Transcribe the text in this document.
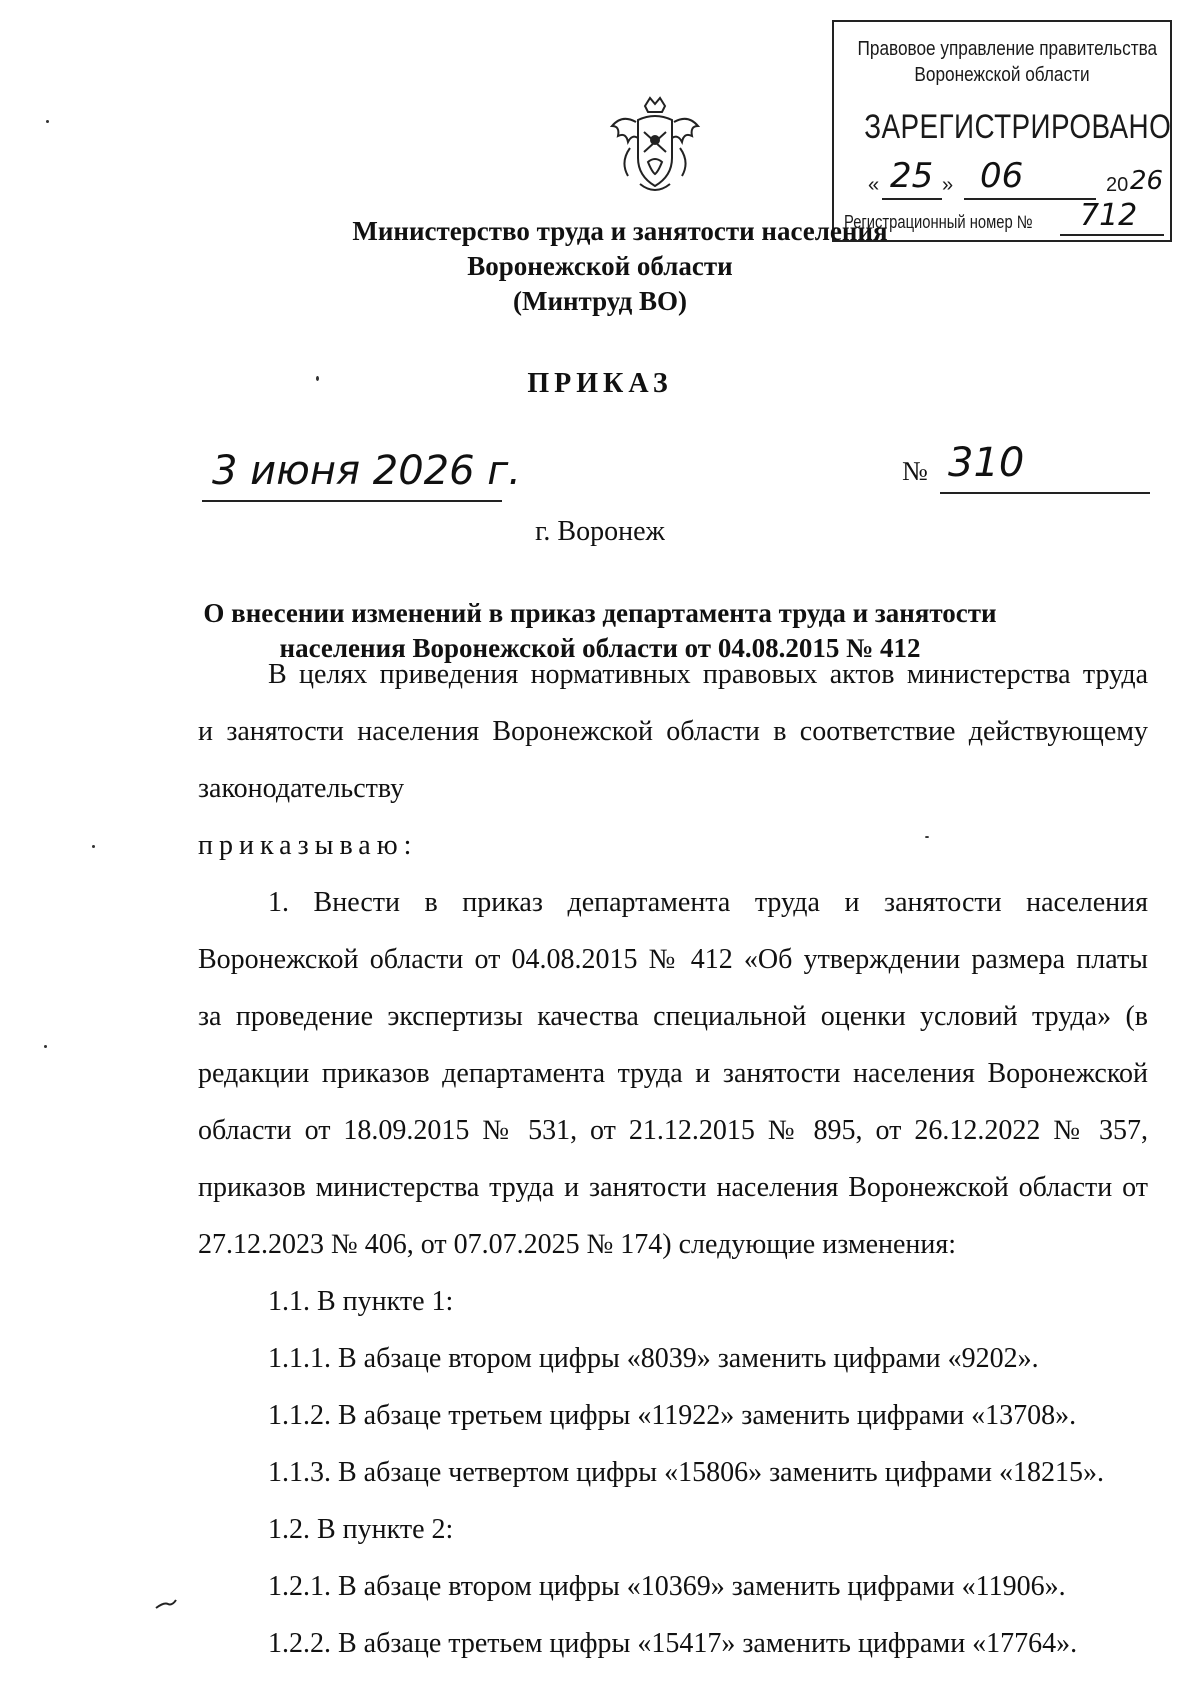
Правовое управление правительства
Воронежской области
ЗАРЕГИСТРИРОВАНО
« 25 » 06	20 26
Регистрационный номер № 712
Министерство труда и занятости населения
Воронежской области
(Минтруд ВО)
ПРИКАЗ
3 июня 2026 г.	№ 310
г. Воронеж
О внесении изменений в приказ департамента труда и занятости
населения Воронежской области от 04.08.2015 № 412

В целях приведения нормативных правовых актов министерства труда

и занятости населения Воронежской области в соответствие действующему

законодательству

приказываю:

1. Внести в приказ департамента труда и занятости населения

Воронежской области от 04.08.2015 № 412 «Об утверждении размера платы

за проведение экспертизы качества специальной оценки условий труда» (в

редакции приказов департамента труда и занятости населения Воронежской

области от 18.09.2015 № 531, от 21.12.2015 № 895, от 26.12.2022 № 357,

приказов министерства труда и занятости населения Воронежской области от

27.12.2023 № 406, от 07.07.2025 № 174) следующие изменения:

1.1. В пункте 1:

1.1.1. В абзаце втором цифры «8039» заменить цифрами «9202».

1.1.2. В абзаце третьем цифры «11922» заменить цифрами «13708».

1.1.3. В абзаце четвертом цифры «15806» заменить цифрами «18215».

1.2. В пункте 2:

1.2.1. В абзаце втором цифры «10369» заменить цифрами «11906».

1.2.2. В абзаце третьем цифры «15417» заменить цифрами «17764».
